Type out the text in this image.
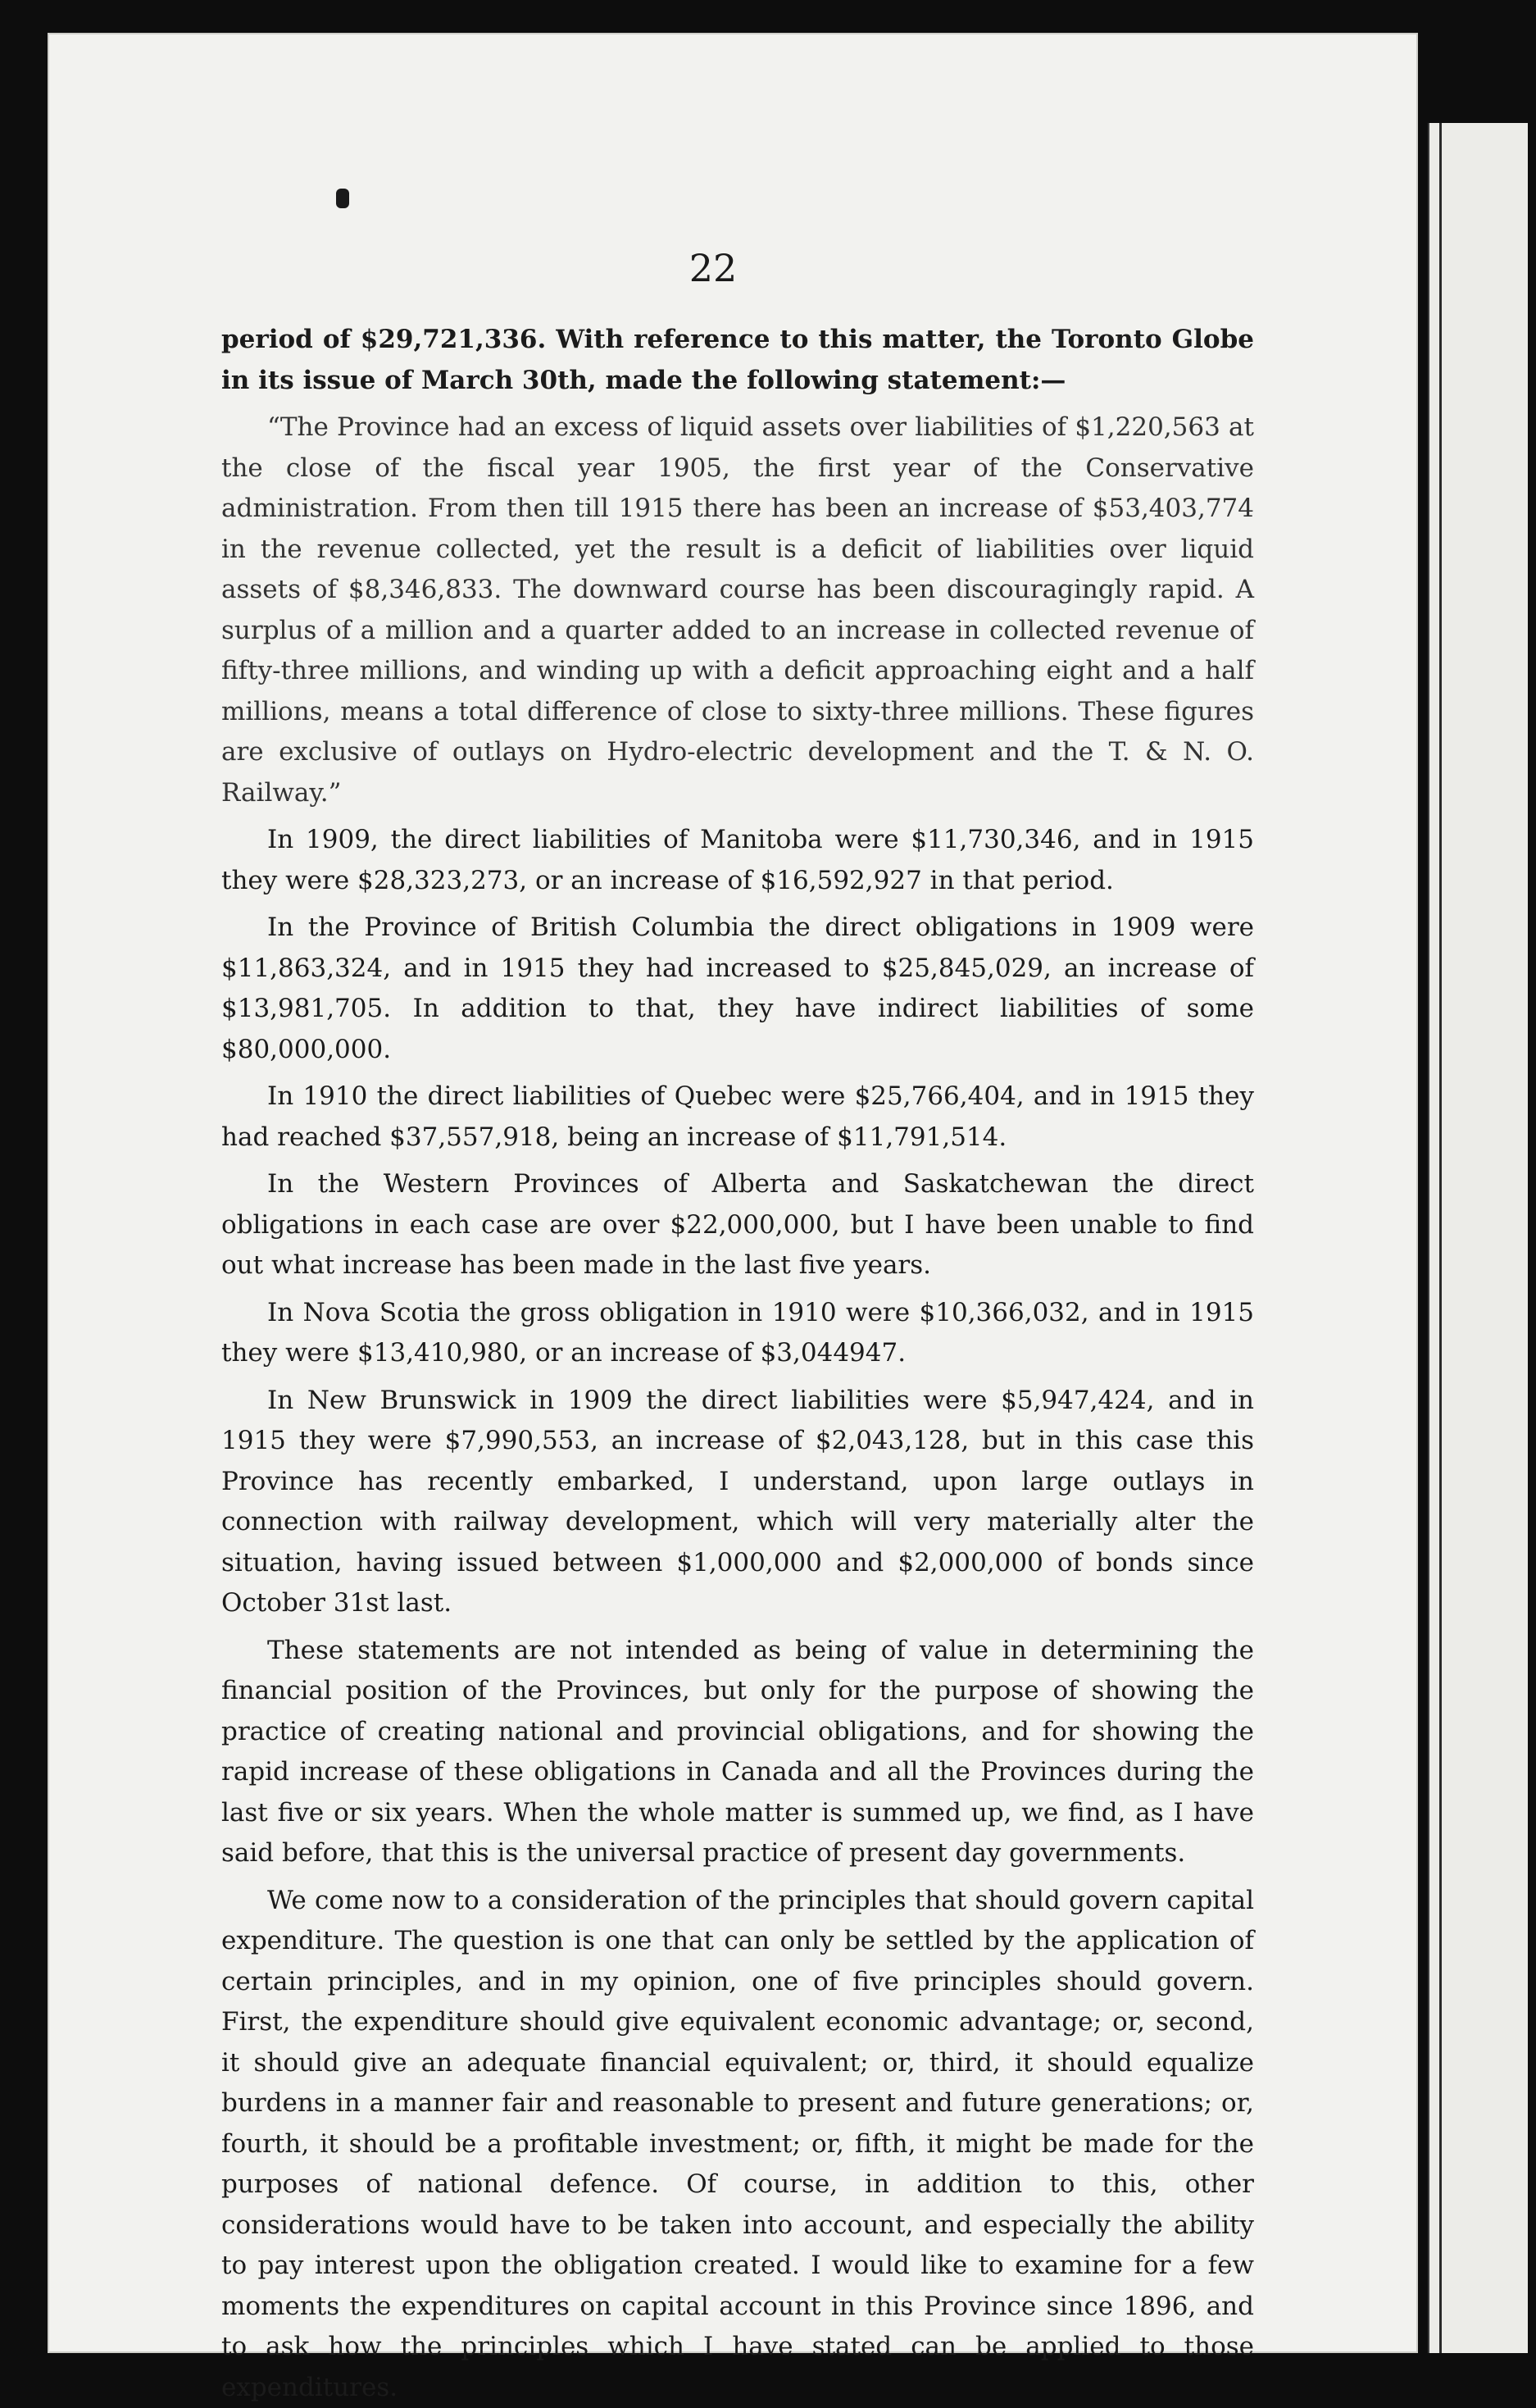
22

period of $29,721,336. With reference to this matter, the Toronto Globe in its issue of March 30th, made the following statement:—

“The Province had an excess of liquid assets over liabilities of $1,220,563 at the close of the fiscal year 1905, the first year of the Conservative administration. From then till 1915 there has been an increase of $53,403,774 in the revenue collected, yet the result is a deficit of liabilities over liquid assets of $8,346,833. The downward course has been discouragingly rapid. A surplus of a million and a quarter added to an increase in collected revenue of fifty-three millions, and winding up with a deficit approaching eight and a half millions, means a total difference of close to sixty-three millions. These figures are exclusive of outlays on Hydro-electric development and the T. & N. O. Railway.”

In 1909, the direct liabilities of Manitoba were $11,730,346, and in 1915 they were $28,323,273, or an increase of $16,592,927 in that period.

In the Province of British Columbia the direct obligations in 1909 were $11,863,324, and in 1915 they had increased to $25,845,029, an increase of $13,981,705. In addition to that, they have indirect liabilities of some $80,000,000.

In 1910 the direct liabilities of Quebec were $25,766,404, and in 1915 they had reached $37,557,918, being an increase of $11,791,514.

In the Western Provinces of Alberta and Saskatchewan the direct obligations in each case are over $22,000,000, but I have been unable to find out what increase has been made in the last five years.

In Nova Scotia the gross obligation in 1910 were $10,366,032, and in 1915 they were $13,410,980, or an increase of $3,044947.

In New Brunswick in 1909 the direct liabilities were $5,947,424, and in 1915 they were $7,990,553, an increase of $2,043,128, but in this case this Province has recently embarked, I understand, upon large outlays in connection with railway development, which will very materially alter the situation, having issued between $1,000,000 and $2,000,000 of bonds since October 31st last.

These statements are not intended as being of value in determining the financial position of the Provinces, but only for the purpose of showing the practice of creating national and provincial obligations, and for showing the rapid increase of these obligations in Canada and all the Provinces during the last five or six years. When the whole matter is summed up, we find, as I have said before, that this is the universal practice of present day governments.

We come now to a consideration of the principles that should govern capital expenditure. The question is one that can only be settled by the application of certain principles, and in my opinion, one of five principles should govern. First, the expenditure should give equivalent economic advantage; or, second, it should give an adequate financial equivalent; or, third, it should equalize burdens in a manner fair and reasonable to present and future generations; or, fourth, it should be a profitable investment; or, fifth, it might be made for the purposes of national defence. Of course, in addition to this, other considerations would have to be taken into account, and especially the ability to pay interest upon the obligation created. I would like to examine for a few moments the expenditures on capital account in this Province since 1896, and to ask how the principles which I have stated can be applied to those expenditures.
